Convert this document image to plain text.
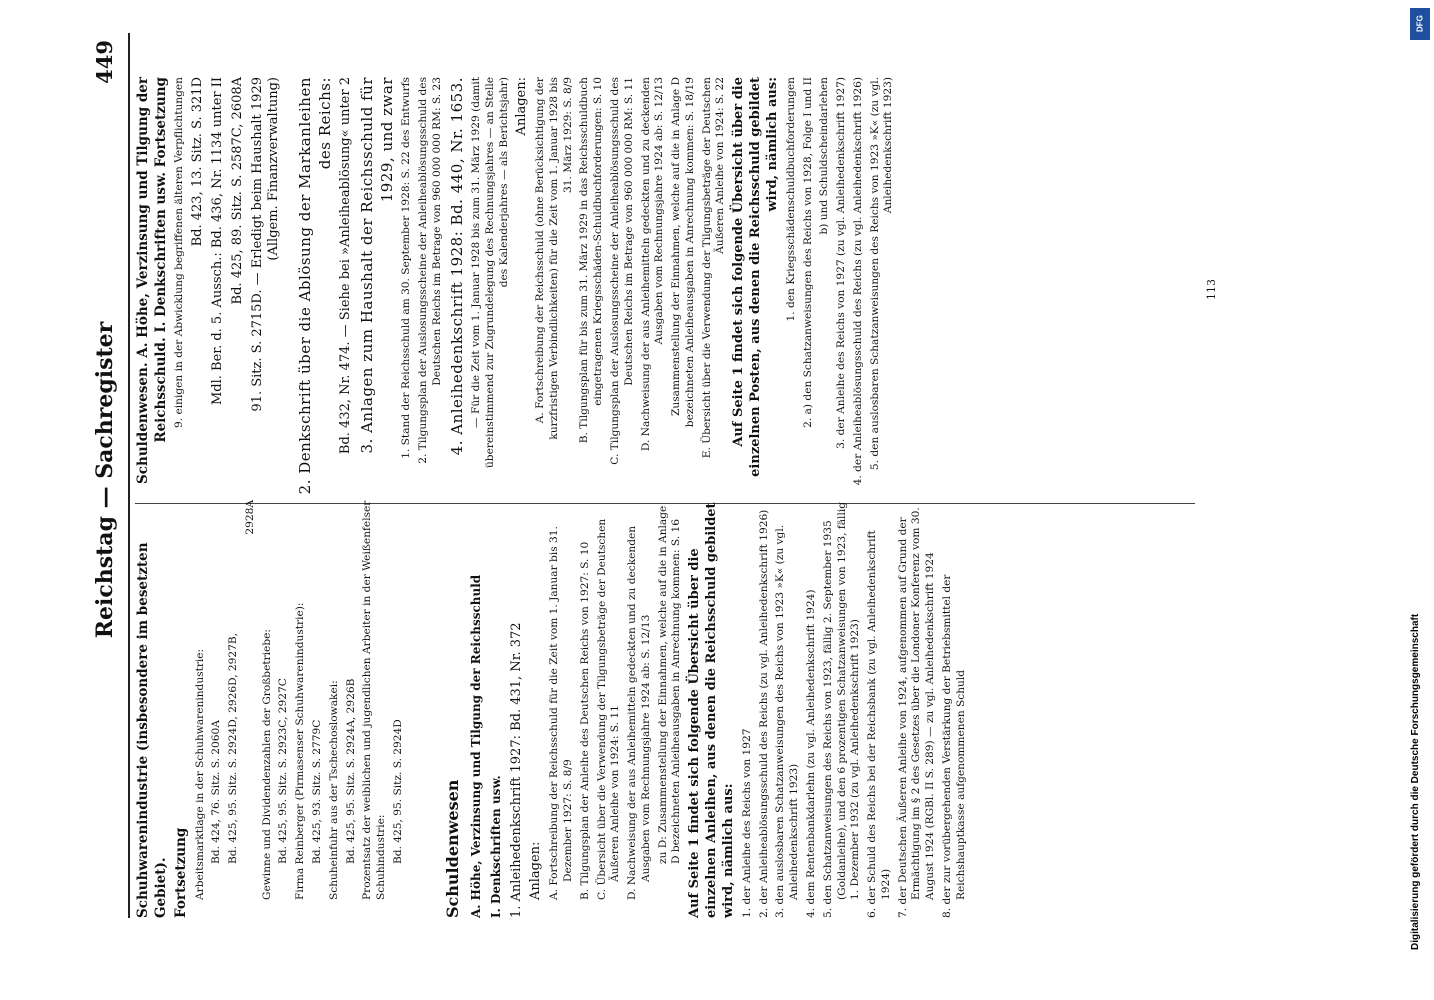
Reichstag — Sachregister
449
Schuhwarenindustrie (insbesondere im besetzten Gebiet). Fortsetzung Arbeitsmarktlage in der Schuhwarenindustrie: Bd. 424, 76. Sitz. S. 2060A Bd. 425, 95. Sitz. S. 2924D, 2926D, 2927B,
2928A
Gewinne und Dividendenzahlen der Großbetriebe: Bd. 425, 95. Sitz. S. 2923C, 2927C Firma Reinberger (Pirmasenser Schuhwarenindustrie): Bd. 425, 93. Sitz. S. 2779C Schuheinfuhr aus der Tschechoslowakei: Bd. 425, 95. Sitz. S. 2924A, 2926B Prozentsatz der weiblichen und jugendlichen Arbeiter in der Weißenfelser Schuhindustrie: Bd. 425, 95. Sitz. S. 2924D Schuldenwesen A. Höhe, Verzinsung und Tilgung der Reichsschuld I. Denkschriften usw. 1. Anleihedenkschrift 1927: Bd. 431, Nr. 372 Anlagen: A. Fortschreibung der Reichsschuld für die Zeit vom 1. Januar bis 31. Dezember 1927: S. 8/9 B. Tilgungsplan der Anleihe des Deutschen Reichs von 1927: S. 10 C. Übersicht über die Verwendung der Tilgungsbeträge der Deutschen Äußeren Anleihe von 1924: S. 11 D. Nachweisung der aus Anleihemitteln gedeckten und zu deckenden Ausgaben vom Rechnungsjahre 1924 ab: S. 12/13 zu D: Zusammenstellung der Einnahmen, welche auf die in Anlage D bezeichneten Anleiheausgaben in Anrechnung kommen: S. 16 Auf Seite 1 findet sich folgende Übersicht über die einzelnen Anleihen, aus denen die Reichsschuld gebildet wird, nämlich aus: 1. der Anleihe des Reichs von 1927 2. der Anleiheablösungsschuld des Reichs (zu vgl. Anleihedenkschrift 1926) 3. den auslosbaren Schatzanweisungen des Reichs von 1923 »K« (zu vgl. Anleihedenkschrift 1923) 4. dem Rentenbankdarlehn (zu vgl. Anleihedenkschrift 1924) 5. den Schatzanweisungen des Reichs von 1923, fällig 2. September 1935 (Goldanleihe), und den 6 prozentigen Schatzanweisungen von 1923, fällig 1. Dezember 1932 (zu vgl. Anleihedenkschrift 1923) 6. der Schuld des Reichs bei der Reichsbank (zu vgl. Anleihedenkschrift 1924) 7. der Deutschen Äußeren Anleihe von 1924, aufgenommen auf Grund der Ermächtigung im § 2 des Gesetzes über die Londoner Konferenz vom 30. August 1924 (RGBl. II S. 289) — zu vgl. Anleihedenkschrift 1924 8. der zur vorübergehenden Verstärkung der Betriebsmittel der Reichshauptkasse aufgenommenen Schuld
Schuldenwesen. A. Höhe, Verzinsung und Tilgung der Reichsschuld. I. Denkschriften usw. Fortsetzung 9. einigen in der Abwicklung begriffenen älteren Verpflichtungen Bd. 423, 13. Sitz. S. 321D Mdl. Ber. d. 5. Aussch.: Bd. 436, Nr. 1134 unter II Bd. 425, 89. Sitz. S. 2587C, 2608A 91. Sitz. S. 2715D. — Erledigt beim Haushalt 1929 (Allgem. Finanzverwaltung) 2. Denkschrift über die Ablösung der Markanleihen des Reichs: Bd. 432, Nr. 474. — Siehe bei »Anleiheablösung« unter 2 3. Anlagen zum Haushalt der Reichsschuld für 1929, und zwar 1. Stand der Reichsschuld am 30. September 1928: S. 22 des Entwurfs 2. Tilgungsplan der Auslosungsscheine der Anleiheablösungsschuld des Deutschen Reichs im Betrage von 960 000 000 RM: S. 23 4. Anleihedenkschrift 1928: Bd. 440, Nr. 1653. — Für die Zeit vom 1. Januar 1928 bis zum 31. März 1929 (damit übereinstimmend zur Zugrundelegung des Rechnungsjahres — an Stelle des Kalenderjahres — als Berichtsjahr) Anlagen: A. Fortschreibung der Reichsschuld (ohne Berücksichtigung der kurzfristigen Verbindlichkeiten) für die Zeit vom 1. Januar 1928 bis 31. März 1929: S. 8/9 B. Tilgungsplan für bis zum 31. März 1929 in das Reichsschuldbuch eingetragenen Kriegsschäden-Schuldbuchforderungen: S. 10 C. Tilgungsplan der Auslosungsscheine der Anleiheablösungsschuld des Deutschen Reichs im Betrage von 960 000 000 RM: S. 11 D. Nachweisung der aus Anleihemitteln gedeckten und zu deckenden Ausgaben vom Rechnungsjahre 1924 ab: S. 12/13 Zusammenstellung der Einnahmen, welche auf die in Anlage D bezeichneten Anleiheausgaben in Anrechnung kommen: S. 18/19 E. Übersicht über die Verwendung der Tilgungsbeträge der Deutschen Äußeren Anleihe von 1924: S. 22 Auf Seite 1 findet sich folgende Übersicht über die einzelnen Posten, aus denen die Reichsschuld gebildet wird, nämlich aus: 1. den Kriegsschädenschuldbuchforderungen 2. a) den Schatzanweisungen des Reichs von 1928, Folge I und II b) und Schuldscheindarlehen 3. der Anleihe des Reichs von 1927 (zu vgl. Anleihedenkschrift 1927) 4. der Anleiheablösungsschuld des Reichs (zu vgl. Anleihedenkschrift 1926) 5. den auslosbaren Schatzanweisungen des Reichs von 1923 »K« (zu vgl. Anleihedenkschrift 1923)
113
DFG
Digitalisierung gefördert durch die Deutsche Forschungsgemeinschaft
